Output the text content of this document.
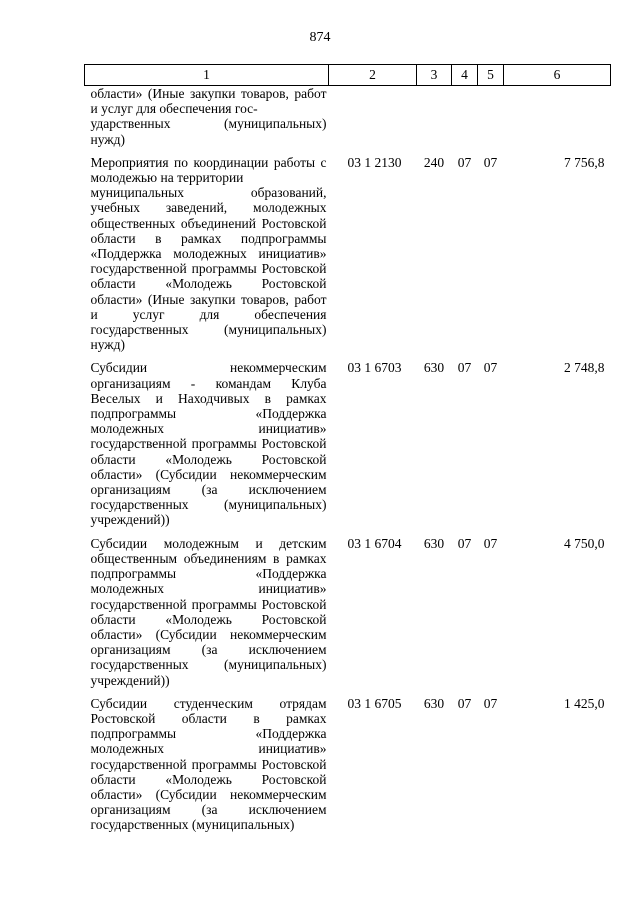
874
1	2	3	4	5	6

области» (Иные закупки товаров, работ и услуг для обеспечения гос-
ударственных (муниципальных)
нужд)					

Мероприятия по координации работы с молодежью на территории
муниципальных образований,
учебных заведений, молодежных общественных объединений Ростовской области в рамках подпрограммы «Поддержка молодежных инициатив» государственной программы Ростовской области «Молодежь Ростовской области» (Иные закупки товаров, работ и услуг для обеспечения государственных (муниципальных) нужд)	03 1 2130	240	07	07	7 756,8
Субсидии некоммерческим организациям - командам Клуба Веселых и Находчивых в рамках подпрограммы «Поддержка молодежных инициатив» государственной программы Ростовской области «Молодежь Ростовской области» (Субсидии некоммерческим организациям (за исключением государственных (муниципальных) учреждений))	03 1 6703	630	07	07	2 748,8
Субсидии молодежным и детским общественным объединениям в рамках подпрограммы «Поддержка молодежных инициатив» государственной программы Ростовской области «Молодежь Ростовской области» (Субсидии некоммерческим организациям (за исключением государственных (муниципальных) учреждений))	03 1 6704	630	07	07	4 750,0
Субсидии студенческим отрядам Ростовской области в рамках подпрограммы «Поддержка молодежных инициатив» государственной программы Ростовской области «Молодежь Ростовской области» (Субсидии некоммерческим организациям (за исключением государственных (муниципальных)	03 1 6705	630	07	07	1 425,0
